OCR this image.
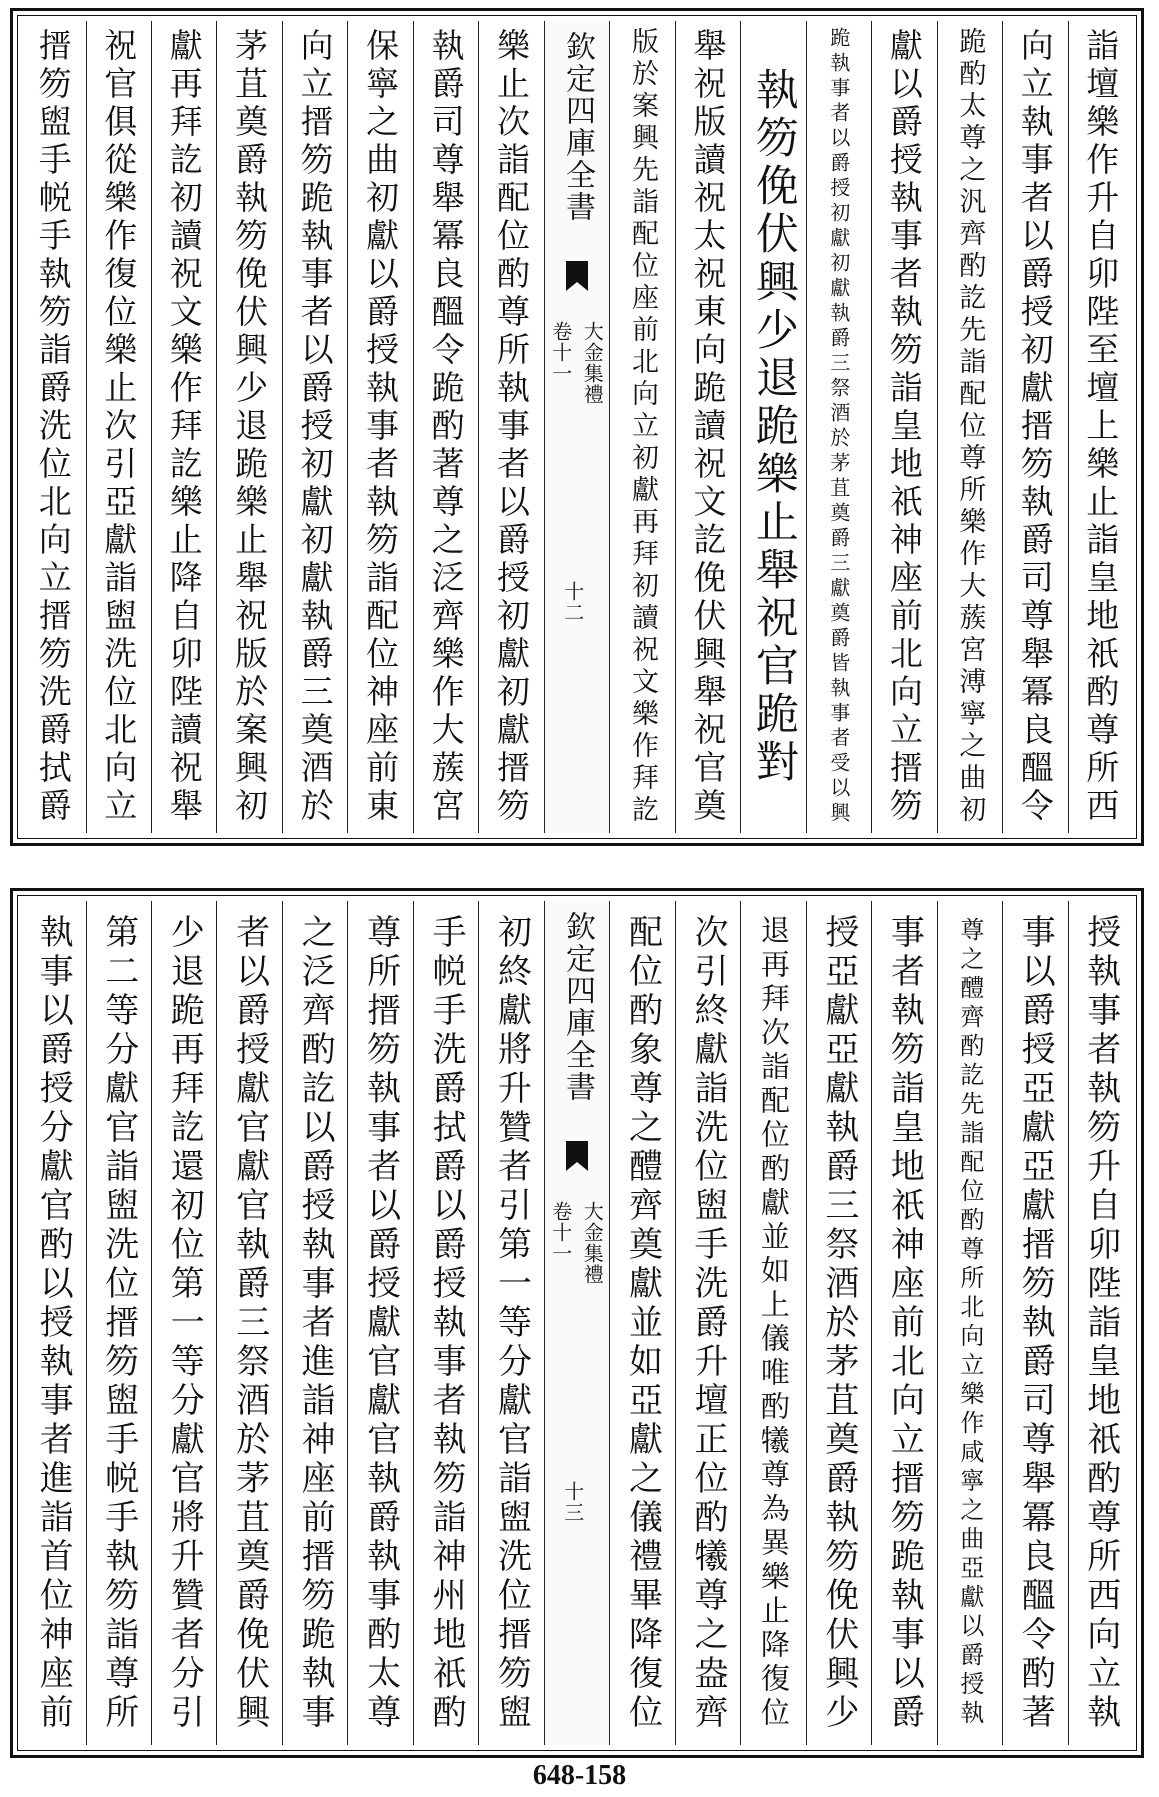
詣壇樂作升自卯陛至壇上樂止詣皇地祇酌尊所西
向立執事者以爵授初獻搢笏執爵司尊舉冪良醞令
跪酌太尊之汎齊酌訖先詣配位尊所樂作大蔟宮溥寧之曲初
獻以爵授執事者執笏詣皇地祇神座前北向立搢笏
跪執事者以爵授初獻初獻執爵三祭酒於茅苴奠爵三獻奠爵皆執事者受以興
執笏俛伏興少退跪樂止舉祝官跪對
舉祝版讀祝太祝東向跪讀祝文訖俛伏興舉祝官奠
版於案興先詣配位座前北向立初獻再拜初讀祝文樂作拜訖
欽定四庫全書
大金集禮
卷十一
十二
樂止次詣配位酌尊所執事者以爵授初獻初獻搢笏
執爵司尊舉冪良醞令跪酌著尊之泛齊樂作大蔟宮
保寧之曲初獻以爵授執事者執笏詣配位神座前東
向立搢笏跪執事者以爵授初獻初獻執爵三奠酒於
茅苴奠爵執笏俛伏興少退跪樂止舉祝版於案興初
獻再拜訖初讀祝文樂作拜訖樂止降自卯陛讀祝舉
祝官俱從樂作復位樂止次引亞獻詣盥洗位北向立
搢笏盥手帨手執笏詣爵洗位北向立搢笏洗爵拭爵
授執事者執笏升自卯陛詣皇地祇酌尊所西向立執
事以爵授亞獻亞獻搢笏執爵司尊舉冪良醞令酌著
尊之醴齊酌訖先詣配位酌尊所北向立樂作咸寧之曲亞獻以爵授執
事者執笏詣皇地祇神座前北向立搢笏跪執事以爵
授亞獻亞獻執爵三祭酒於茅苴奠爵執笏俛伏興少
退再拜次詣配位酌獻並如上儀唯酌犧尊為異樂止降復位
次引終獻詣洗位盥手洗爵升壇正位酌犧尊之盎齊
配位酌象尊之醴齊奠獻並如亞獻之儀禮畢降復位
欽定四庫全書
大金集禮
卷十一
十三
初終獻將升贊者引第一等分獻官詣盥洗位搢笏盥
手帨手洗爵拭爵以爵授執事者執笏詣神州地祇酌
尊所搢笏執事者以爵授獻官獻官執爵執事酌太尊
之泛齊酌訖以爵授執事者進詣神座前搢笏跪執事
者以爵授獻官獻官執爵三祭酒於茅苴奠爵俛伏興
少退跪再拜訖還初位第一等分獻官將升贊者分引
第二等分獻官詣盥洗位搢笏盥手帨手執笏詣尊所
執事以爵授分獻官酌以授執事者進詣首位神座前
648-158
